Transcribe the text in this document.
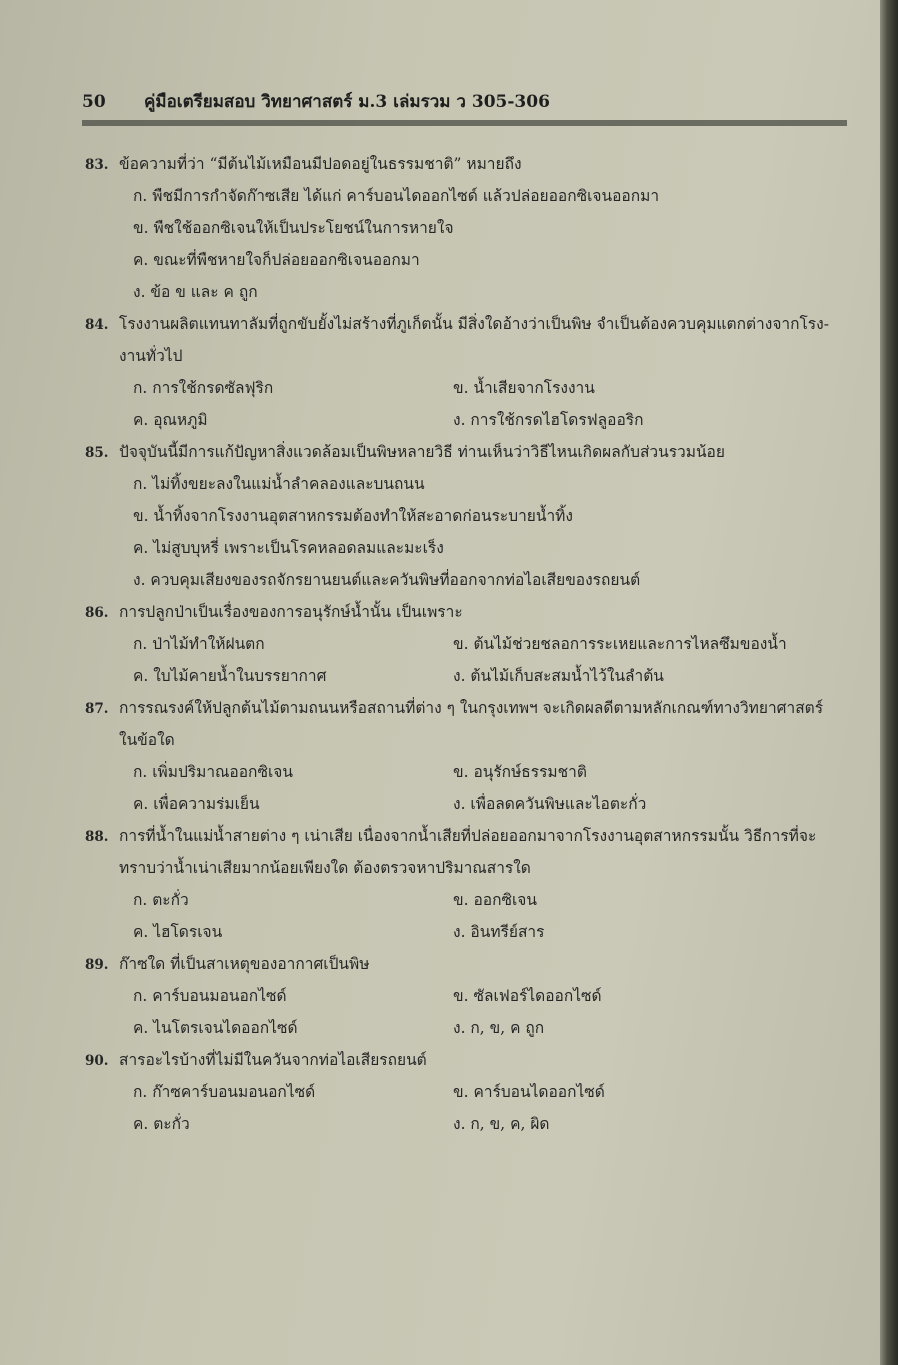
50 คู่มือเตรียมสอบ วิทยาศาสตร์ ม.3 เล่มรวม ว 305-306
83. ข้อความที่ว่า “มีต้นไม้เหมือนมีปอดอยู่ในธรรมชาติ” หมายถึง
ก. พืชมีการกำจัดก๊าซเสีย ได้แก่ คาร์บอนไดออกไซด์ แล้วปล่อยออกซิเจนออกมา
ข. พืชใช้ออกซิเจนให้เป็นประโยชน์ในการหายใจ
ค. ขณะที่พืชหายใจก็ปล่อยออกซิเจนออกมา
ง. ข้อ ข และ ค ถูก
84. โรงงานผลิตแทนทาลัมที่ถูกขับยั้งไม่สร้างที่ภูเก็ตนั้น มีสิ่งใดอ้างว่าเป็นพิษ จำเป็นต้องควบคุมแตกต่างจากโรง-
งานทั่วไป
ก. การใช้กรดซัลฟุริก	ข. น้ำเสียจากโรงงาน
ค. อุณหภูมิ	ง. การใช้กรดไฮโดรฟลูออริก
85. ปัจจุบันนี้มีการแก้ปัญหาสิ่งแวดล้อมเป็นพิษหลายวิธี ท่านเห็นว่าวิธีไหนเกิดผลกับส่วนรวมน้อย
ก. ไม่ทิ้งขยะลงในแม่น้ำลำคลองและบนถนน
ข. น้ำทิ้งจากโรงงานอุตสาหกรรมต้องทำให้สะอาดก่อนระบายน้ำทิ้ง
ค. ไม่สูบบุหรี่ เพราะเป็นโรคหลอดลมและมะเร็ง
ง. ควบคุมเสียงของรถจักรยานยนต์และควันพิษที่ออกจากท่อไอเสียของรถยนต์
86. การปลูกป่าเป็นเรื่องของการอนุรักษ์น้ำนั้น เป็นเพราะ
ก. ป่าไม้ทำให้ฝนตก	ข. ต้นไม้ช่วยชลอการระเหยและการไหลซึมของน้ำ
ค. ใบไม้คายน้ำในบรรยากาศ	ง. ต้นไม้เก็บสะสมน้ำไว้ในลำต้น
87. การรณรงค์ให้ปลูกต้นไม้ตามถนนหรือสถานที่ต่าง ๆ ในกรุงเทพฯ จะเกิดผลดีตามหลักเกณฑ์ทางวิทยาศาสตร์
ในข้อใด
ก. เพิ่มปริมาณออกซิเจน	ข. อนุรักษ์ธรรมชาติ
ค. เพื่อความร่มเย็น	ง. เพื่อลดควันพิษและไอตะกั่ว
88. การที่น้ำในแม่น้ำสายต่าง ๆ เน่าเสีย เนื่องจากน้ำเสียที่ปล่อยออกมาจากโรงงานอุตสาหกรรมนั้น วิธีการที่จะ
ทราบว่าน้ำเน่าเสียมากน้อยเพียงใด ต้องตรวจหาปริมาณสารใด
ก. ตะกั่ว	ข. ออกซิเจน
ค. ไฮโดรเจน	ง. อินทรีย์สาร
89. ก๊าซใด ที่เป็นสาเหตุของอากาศเป็นพิษ
ก. คาร์บอนมอนอกไซด์	ข. ซัลเฟอร์ไดออกไซด์
ค. ไนโตรเจนไดออกไซด์	ง. ก, ข, ค ถูก
90. สารอะไรบ้างที่ไม่มีในควันจากท่อไอเสียรถยนต์
ก. ก๊าซคาร์บอนมอนอกไซด์	ข. คาร์บอนไดออกไซด์
ค. ตะกั่ว	ง. ก, ข, ค, ผิด
